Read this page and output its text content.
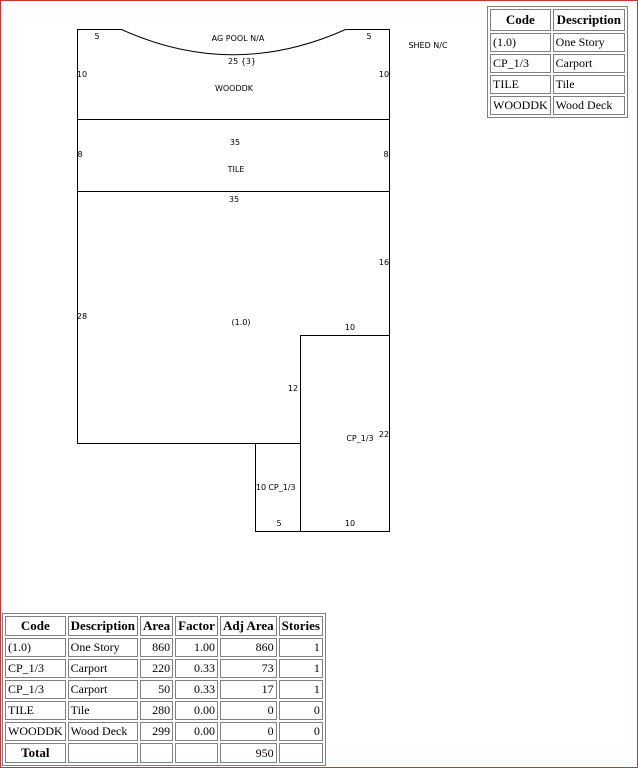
AG POOL N/A
SHED N/C
WOODDK
TILE
(1.0)
CP_1/3
CP_1/3
5	5
25 {3}
10	10
35
8	8
35
16
28
10
12
22
10
5	10
Code	Description
(1.0)	One Story
CP_1/3	Carport
TILE	Tile
WOODDK	Wood Deck
Code	Description	Area	Factor	Adj Area	Stories
(1.0)	One Story	860	1.00	860	1
CP_1/3	Carport	220	0.33	73	1
CP_1/3	Carport	50	0.33	17	1
TILE	Tile	280	0.00	0	0
WOODDK	Wood Deck	299	0.00	0	0
Total				950	
